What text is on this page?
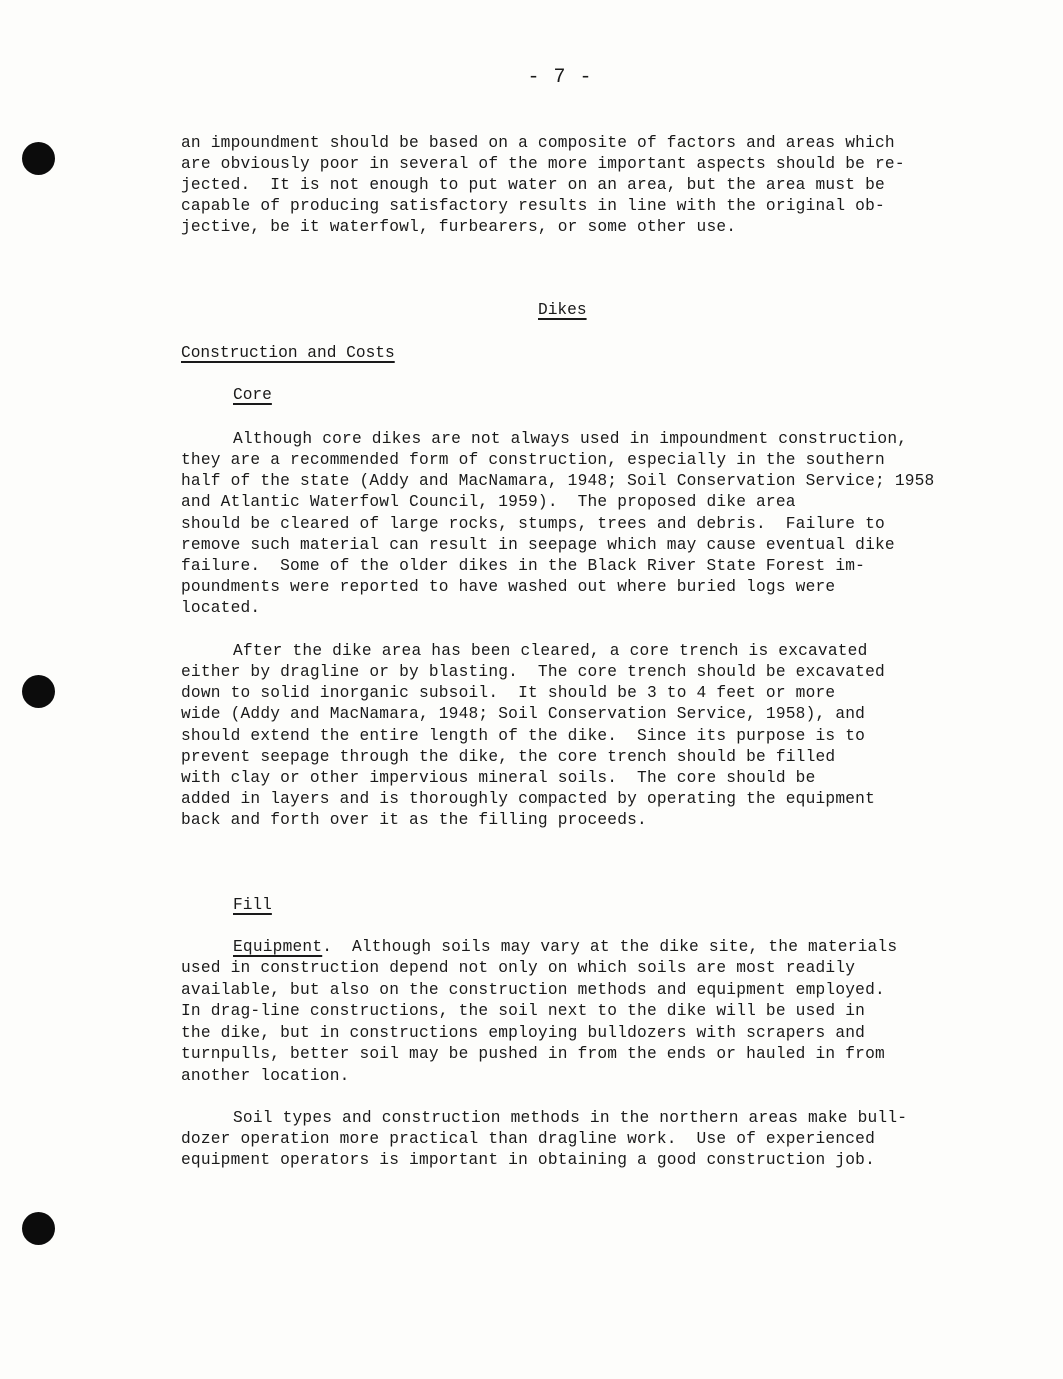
- 7 -
an impoundment should be based on a composite of factors and areas which
are obviously poor in several of the more important aspects should be re-
jected.  It is not enough to put water on an area, but the area must be
capable of producing satisfactory results in line with the original ob-
jective, be it waterfowl, furbearers, or some other use.
Dikes
Construction and Costs
Core
Although core dikes are not always used in impoundment construction,
they are a recommended form of construction, especially in the southern
half of the state (Addy and MacNamara, 1948; Soil Conservation Service; 1958
and Atlantic Waterfowl Council, 1959).  The proposed dike area
should be cleared of large rocks, stumps, trees and debris.  Failure to
remove such material can result in seepage which may cause eventual dike
failure.  Some of the older dikes in the Black River State Forest im-
poundments were reported to have washed out where buried logs were
located.
After the dike area has been cleared, a core trench is excavated
either by dragline or by blasting.  The core trench should be excavated
down to solid inorganic subsoil.  It should be 3 to 4 feet or more
wide (Addy and MacNamara, 1948; Soil Conservation Service, 1958), and
should extend the entire length of the dike.  Since its purpose is to
prevent seepage through the dike, the core trench should be filled
with clay or other impervious mineral soils.  The core should be
added in layers and is thoroughly compacted by operating the equipment
back and forth over it as the filling proceeds.
Fill
Equipment.  Although soils may vary at the dike site, the materials
used in construction depend not only on which soils are most readily
available, but also on the construction methods and equipment employed.
In drag-line constructions, the soil next to the dike will be used in
the dike, but in constructions employing bulldozers with scrapers and
turnpulls, better soil may be pushed in from the ends or hauled in from
another location.
Soil types and construction methods in the northern areas make bull-
dozer operation more practical than dragline work.  Use of experienced
equipment operators is important in obtaining a good construction job.
